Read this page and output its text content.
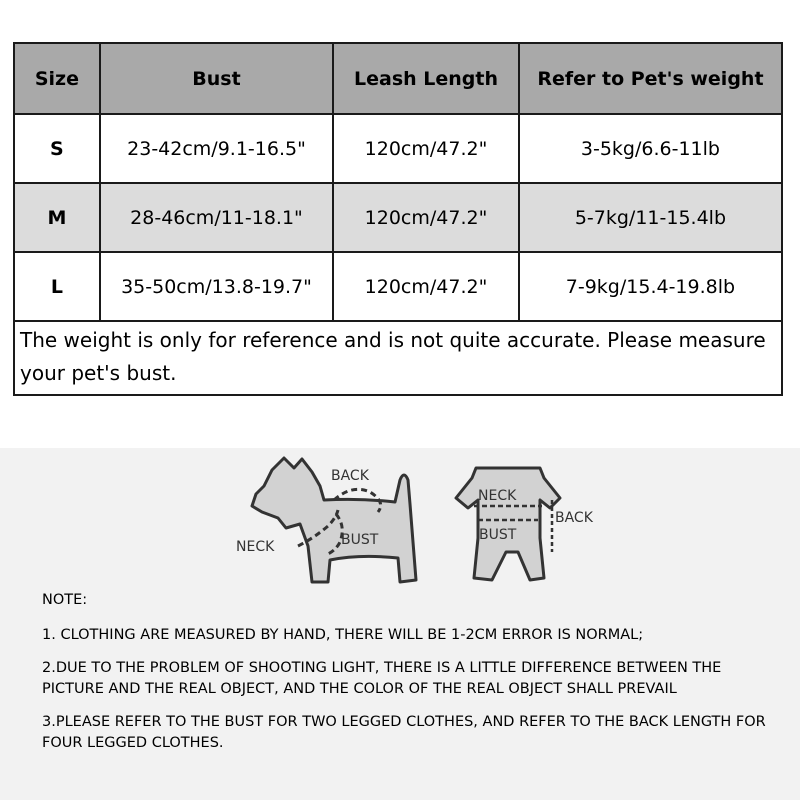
Size	Bust	Leash Length	Refer to Pet's weight
S	23-42cm/9.1-16.5"	120cm/47.2"	3-5kg/6.6-11lb
M	28-46cm/11-18.1"	120cm/47.2"	5-7kg/11-15.4lb
L	35-50cm/13.8-19.7"	120cm/47.2"	7-9kg/15.4-19.8lb
The weight is only for reference and is not quite accurate. Please measure your pet's bust.			
BACK
NECK	BUST
NECK
BUST
BACK

NOTE:

1. CLOTHING ARE MEASURED BY HAND, THERE WILL BE 1-2CM ERROR IS NORMAL;

2.DUE TO THE PROBLEM OF SHOOTING LIGHT, THERE IS A LITTLE DIFFERENCE BETWEEN THE PICTURE AND THE REAL OBJECT, AND THE COLOR OF THE REAL OBJECT SHALL PREVAIL

3.PLEASE REFER TO THE BUST FOR TWO LEGGED CLOTHES, AND REFER TO THE BACK LENGTH FOR FOUR LEGGED CLOTHES.
